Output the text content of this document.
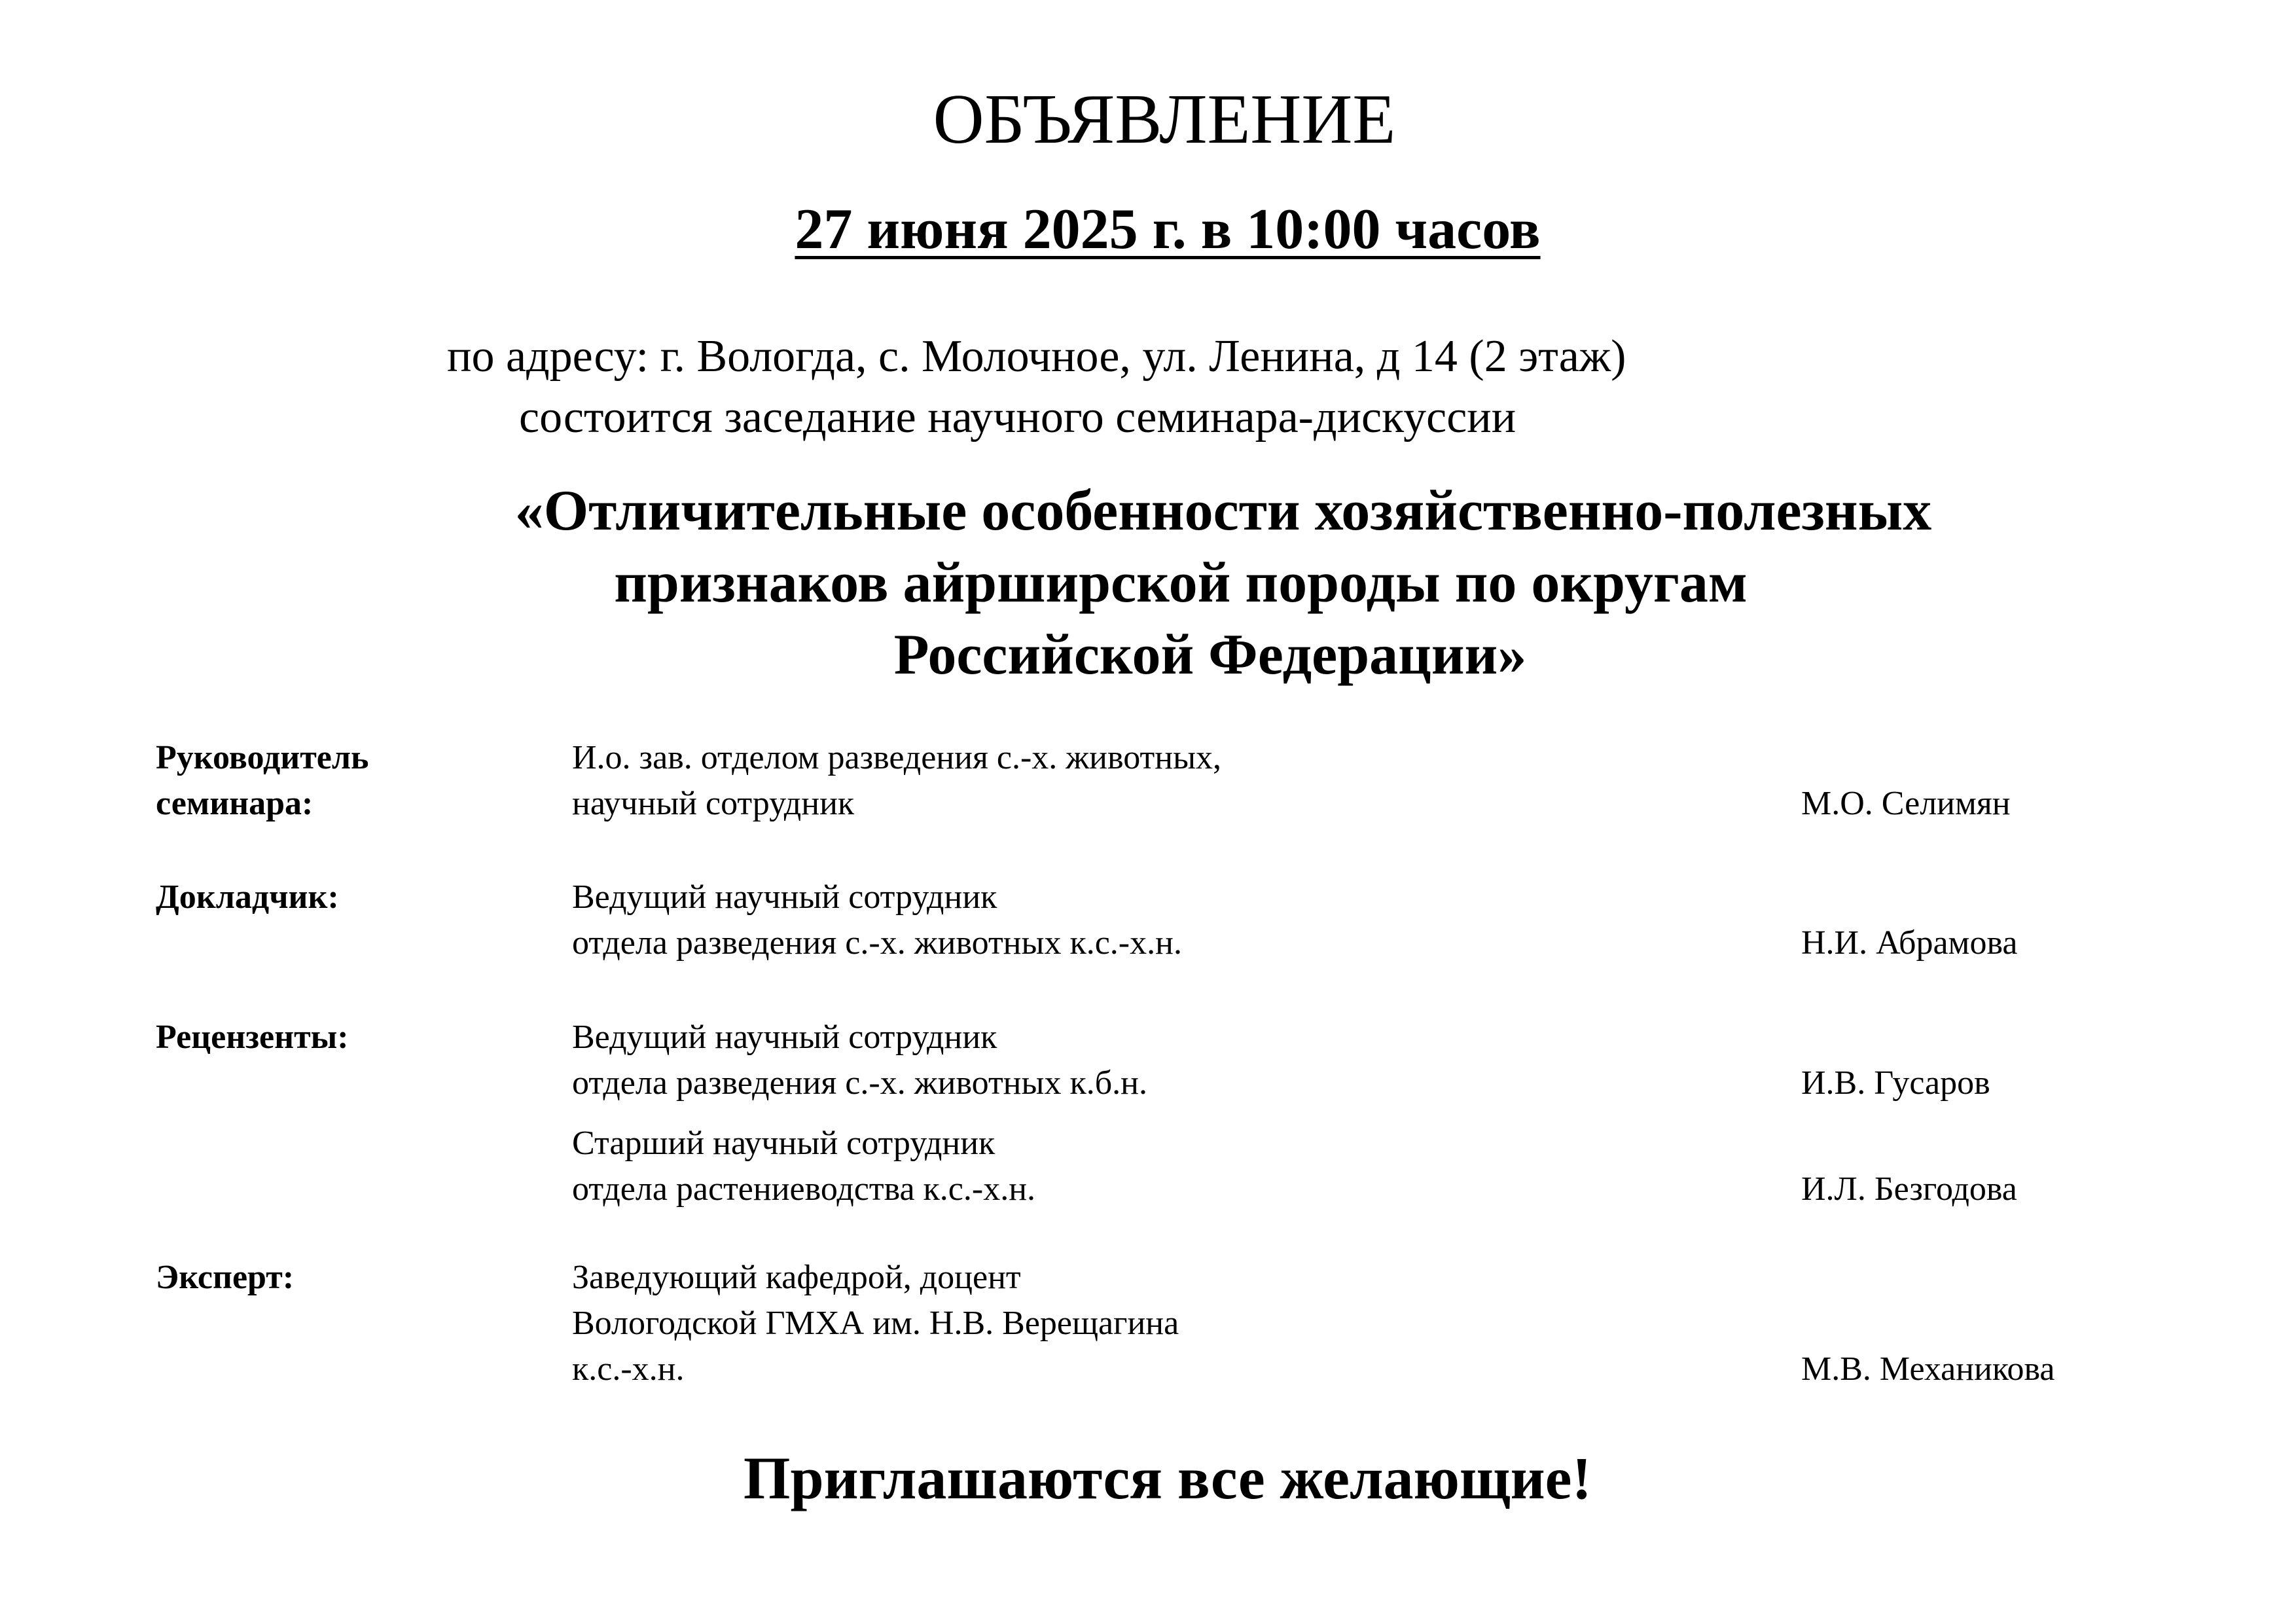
ОБЪЯВЛЕНИЕ
27 июня 2025 г. в 10:00 часов
по адресу: г. Вологда, с. Молочное, ул. Ленина, д 14 (2 этаж)
состоится заседание научного семинара-дискуссии
«Отличительные особенности хозяйственно-полезных
признаков айрширской породы по округам
Российской Федерации»
Руководитель
семинара:
И.о. зав. отделом разведения с.-х. животных,
научный сотрудник	М.О. Селимян
Докладчик:	Ведущий научный сотрудник
отдела разведения с.-х. животных к.с.-х.н.	Н.И. Абрамова
Рецензенты:	Ведущий научный сотрудник
отдела разведения с.-х. животных к.б.н.	И.В. Гусаров
Старший научный сотрудник
отдела растениеводства к.с.-х.н.	И.Л. Безгодова
Эксперт:	Заведующий кафедрой, доцент
Вологодской ГМХА им. Н.В. Верещагина
к.с.-х.н.	М.В. Механикова
Приглашаются все желающие!
